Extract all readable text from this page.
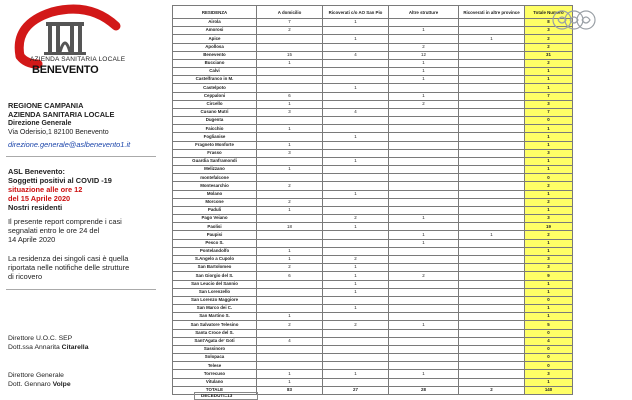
AZIENDA SANITARIA LOCALE
BENEVENTO
REGIONE CAMPANIA
AZIENDA SANITARIA LOCALE
Direzione Generale
Via Oderisio,1 82100 Benevento
direzione.generale@aslbenevento1.it
ASL Benevento:
Soggetti positivi al COVID -19
situazione alle ore 12
del 15 Aprile 2020
Nostri residenti
Il presente report comprende i casi
segnalati entro le ore 24 del
14 Aprile 2020
La residenza dei singoli casi è quella
riportata nelle notifiche delle strutture
di ricovero
Direttore U.O.C. SEP
Dott.ssa Annarita Citarella
Direttore Generale
Dott. Gennaro Volpe
RESIDENZA	A domicilio	Ricoverati c/o AO San Pio	Altre strutture	Ricoverati in altre province	Totale Numero
Airola	7	1			8
Amorosi	2		1		3
Apice		1		1	2
Apollosa			2		2
Benevento	15	4	12		31
Bucciano	1		1		2
Calvi			1		1
Castelfranco in M.			1		1
Castelpoto		1			1
Ceppaloni	6		1		7
Circello	1		2		3
Cusano Mutri	3	4			7
Dugenta					0
Faicchio	1				1
Foglianise		1			1
Fragneto Monforte	1				1
Frasso	3				3
Guardia Sanframondi		1			1
Melizzano	1				1
montefalcone					0
Montesarchio	2				2
Molano		1			1
Morcone	2				2
Paduli	1				1
Pago Veiano		2	1		3
Paolisi	18	1			19
Paupisi			1	1	2
Pesco S.			1		1
Pontelandolfo	1				1
S.Angelo a Cupolo	1	2			3
San Bartolomeo	2	1			3
San Giorgio del S.	6	1	2		9
San Leucio del Sannio		1			1
San Lorenzello		1			1
San Lorenzo Maggiore					0
San Marco dei C.		1			1
San Martino S.	1				1
San Salvatore Telesino	2	2	1		5
Santa Croce del S.					0
Sant'Agata de' Goti	4				4
Sassinoro					0
Solopaca					0
Telese					0
Torrecuso	1	1	1		3
Vitulano	1				1
TOTALE	83	27	28	2	140
DECEDUTI=13
